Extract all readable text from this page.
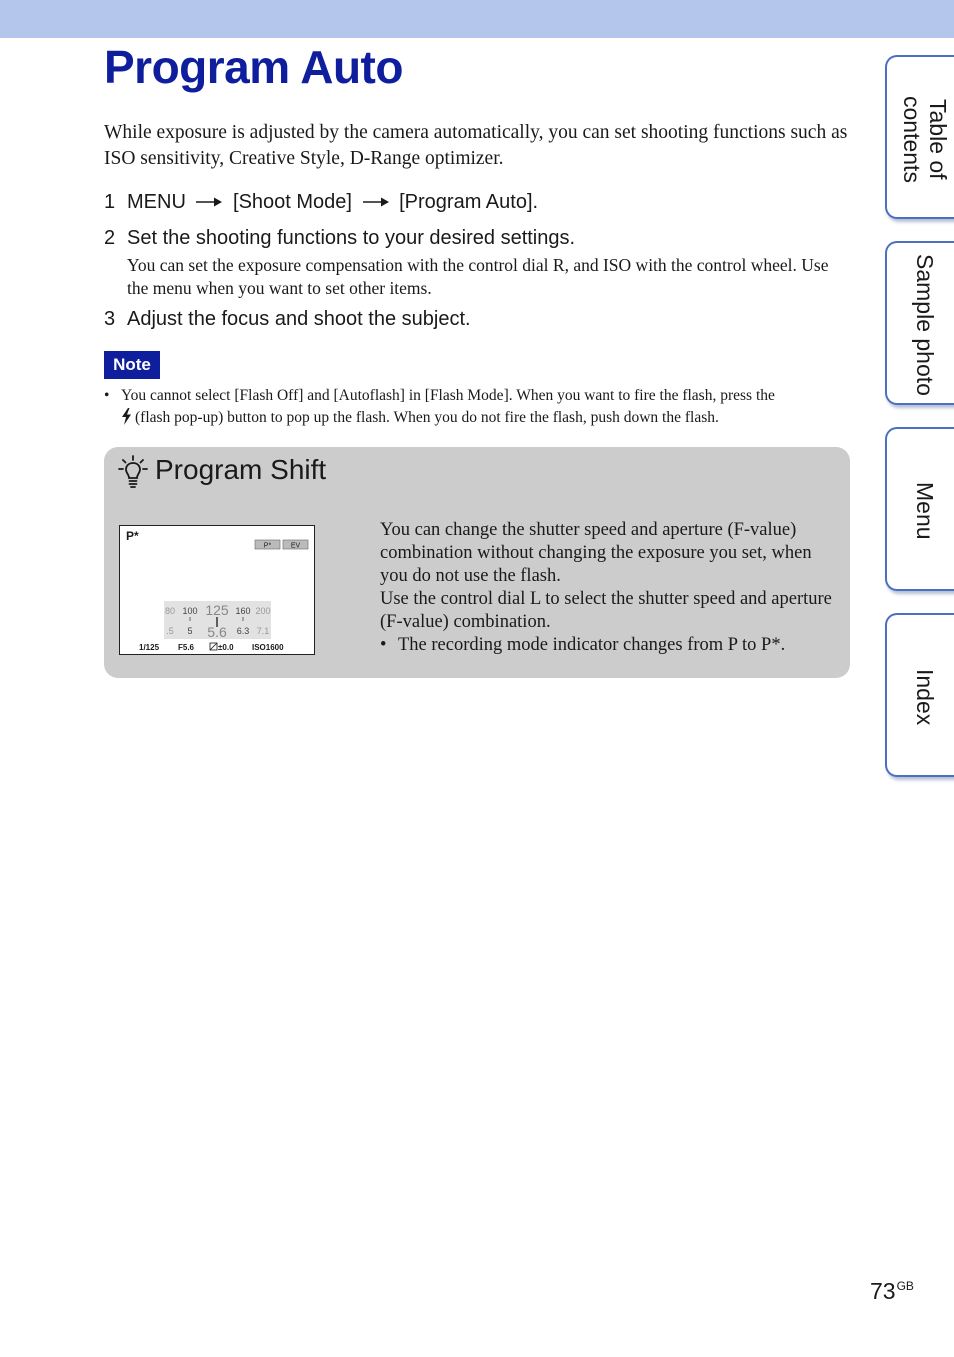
Program Auto

While exposure is adjusted by the camera automatically, you can set shooting functions such as ISO sensitivity, Creative Style, D-Range optimizer.

1 MENU [Shoot Mode] [Program Auto].
2 Set the shooting functions to your desired settings.

You can set the exposure compensation with the control dial R, and ISO with the control wheel. Use the menu when you want to set other items.

3 Adjust the focus and shoot the subject.
Note
• You cannot select [Flash Off] and [Autoflash] in [Flash Mode]. When you want to fire the flash, press the
(flash pop-up) button to pop up the flash. When you do not fire the flash, push down the flash.
Program Shift
P*
P*	EV
80 100 125 160 200
.5 5 5.6 6.3 7.1
1/125 F5.6	±0.0 ISO1600
You can change the shutter speed and aperture (F-value) combination without changing the exposure you set, when you do not use the flash.
Use the control dial L to select the shutter speed and aperture (F-value) combination.
• The recording mode indicator changes from P to P*.
Table of contents
Sample photo
Menu
Index
$73^{GB}$
